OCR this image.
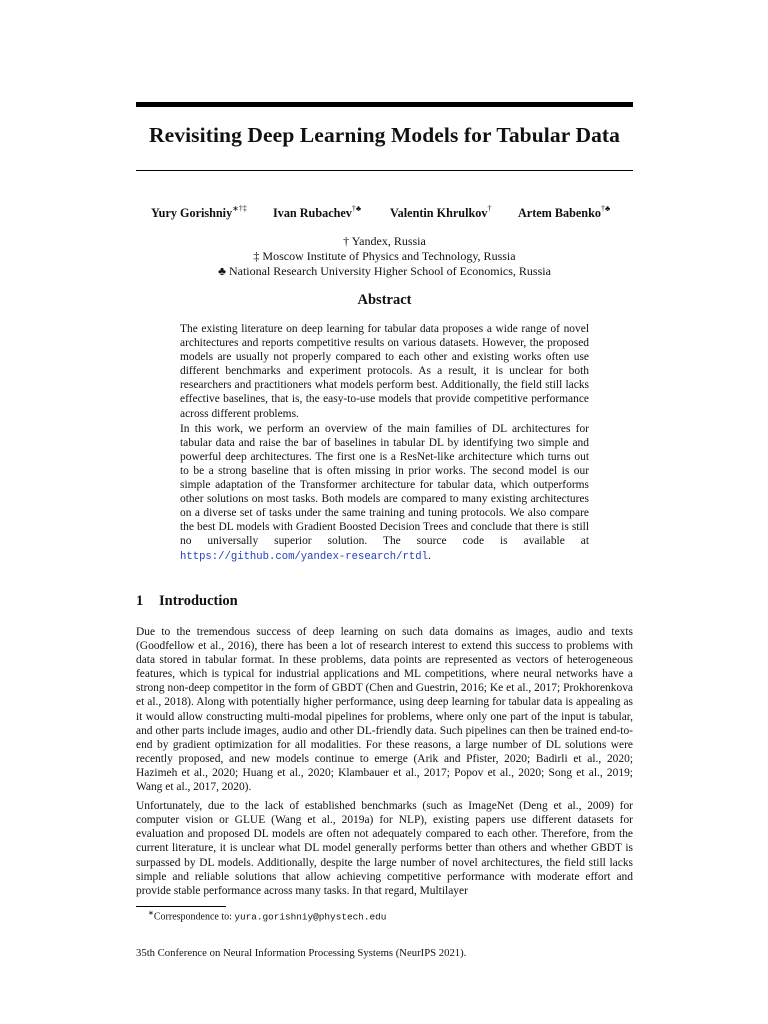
Revisiting Deep Learning Models for Tabular Data
Yury Gorishniy∗†‡ Ivan Rubachev†♣ Valentin Khrulkov† Artem Babenko†♣
† Yandex, Russia
‡ Moscow Institute of Physics and Technology, Russia
♣ National Research University Higher School of Economics, Russia
Abstract

The existing literature on deep learning for tabular data proposes a wide range of novel architectures and reports competitive results on various datasets. However, the proposed models are usually not properly compared to each other and existing works often use different benchmarks and experiment protocols. As a result, it is unclear for both researchers and practitioners what models perform best. Additionally, the field still lacks effective baselines, that is, the easy-to-use models that provide competitive performance across different problems.

In this work, we perform an overview of the main families of DL architectures for tabular data and raise the bar of baselines in tabular DL by identifying two simple and powerful deep architectures. The first one is a ResNet-like architecture which turns out to be a strong baseline that is often missing in prior works. The second model is our simple adaptation of the Transformer architecture for tabular data, which outperforms other solutions on most tasks. Both models are compared to many existing architectures on a diverse set of tasks under the same training and tuning protocols. We also compare the best DL models with Gradient Boosted Decision Trees and conclude that there is still no universally superior solution. The source code is available at https://github.com/yandex-research/rtdl.

1 Introduction

Due to the tremendous success of deep learning on such data domains as images, audio and texts (Goodfellow et al., 2016), there has been a lot of research interest to extend this success to problems with data stored in tabular format. In these problems, data points are represented as vectors of heterogeneous features, which is typical for industrial applications and ML competitions, where neural networks have a strong non-deep competitor in the form of GBDT (Chen and Guestrin, 2016; Ke et al., 2017; Prokhorenkova et al., 2018). Along with potentially higher performance, using deep learning for tabular data is appealing as it would allow constructing multi-modal pipelines for problems, where only one part of the input is tabular, and other parts include images, audio and other DL-friendly data. Such pipelines can then be trained end-to-end by gradient optimization for all modalities. For these reasons, a large number of DL solutions were recently proposed, and new models continue to emerge (Arik and Pfister, 2020; Badirli et al., 2020; Hazimeh et al., 2020; Huang et al., 2020; Klambauer et al., 2017; Popov et al., 2020; Song et al., 2019; Wang et al., 2017, 2020).

Unfortunately, due to the lack of established benchmarks (such as ImageNet (Deng et al., 2009) for computer vision or GLUE (Wang et al., 2019a) for NLP), existing papers use different datasets for evaluation and proposed DL models are often not adequately compared to each other. Therefore, from the current literature, it is unclear what DL model generally performs better than others and whether GBDT is surpassed by DL models. Additionally, despite the large number of novel architectures, the field still lacks simple and reliable solutions that allow achieving competitive performance with moderate effort and provide stable performance across many tasks. In that regard, Multilayer

∗Correspondence to: yura.gorishniy@phystech.edu
35th Conference on Neural Information Processing Systems (NeurIPS 2021).
